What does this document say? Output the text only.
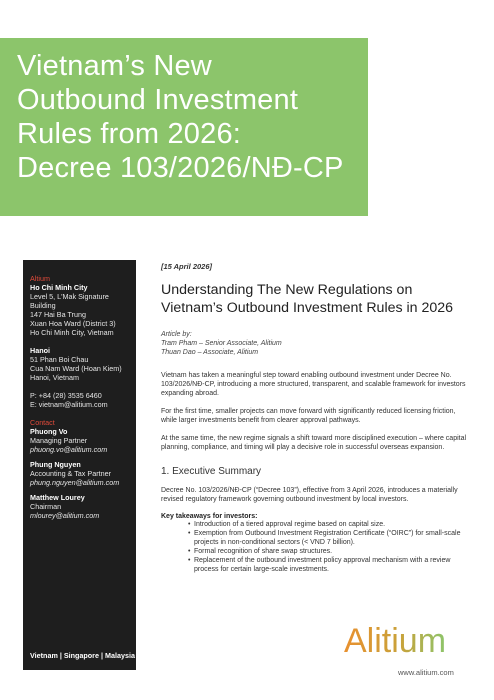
Vietnam’s New
Outbound Investment
Rules from 2026:
Decree 103/2026/NĐ-CP
Altium
Ho Chi Minh City
Level 5, L'Mak Signature Building
147 Hai Ba Trung
Xuan Hoa Ward (District 3)
Ho Chi Minh City, Vietnam
Hanoi
51 Phan Boi Chau
Cua Nam Ward (Hoan Kiem)
Hanoi, Vietnam
P: +84 (28) 3535 6460
E: vietnam@alitium.com
Contact
Phuong Vo
Managing Partner
phuong.vo@alitium.com
Phung Nguyen
Accounting & Tax Partner
phung.nguyen@alitium.com
Matthew Lourey
Chairman
mlourey@alitium.com
Vietnam | Singapore | Malaysia
[15 April 2026]
Understanding The New Regulations on Vietnam’s Outbound Investment Rules in 2026
Article by:
Tram Pham – Senior Associate, Alitium
Thuan Dao – Associate, Alitium
Vietnam has taken a meaningful step toward enabling outbound investment under Decree No. 103/2026/NĐ-CP, introducing a more structured, transparent, and scalable framework for investors expanding abroad.
For the first time, smaller projects can move forward with significantly reduced licensing friction, while larger investments benefit from clearer approval pathways.
At the same time, the new regime signals a shift toward more disciplined execution – where capital planning, compliance, and timing will play a decisive role in successful overseas expansion.
1. Executive Summary
Decree No. 103/2026/NĐ-CP (“Decree 103”), effective from 3 April 2026, introduces a materially revised regulatory framework governing outbound investment by local investors.
Key takeaways for investors:
• Introduction of a tiered approval regime based on capital size.
• Exemption from Outbound Investment Registration Certificate (“OIRC”) for small-scale projects in non-conditional sectors (< VND 7 billion).
• Formal recognition of share swap structures.
• Replacement of the outbound investment policy approval mechanism with a review process for certain large-scale investments.
Alitium
www.alitium.com
